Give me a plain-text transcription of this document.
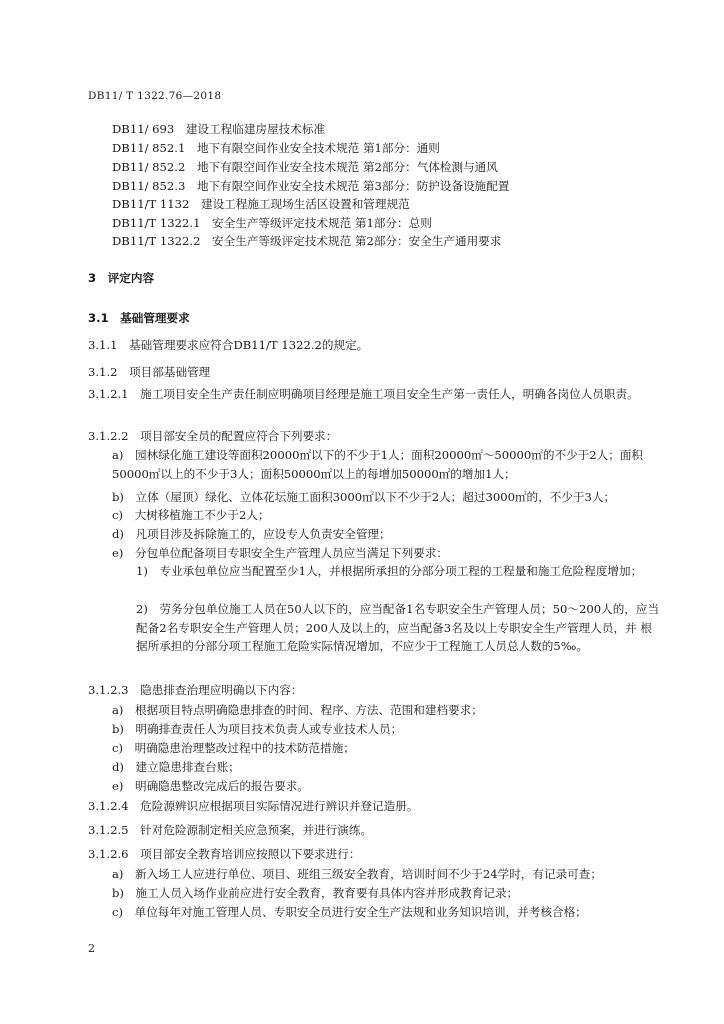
DB11/ T 1322.76—2018
DB11/ 693　建设工程临建房屋技术标准
DB11/ 852.1　地下有限空间作业安全技术规范 第1部分：通则
DB11/ 852.2　地下有限空间作业安全技术规范 第2部分：气体检测与通风
DB11/ 852.3　地下有限空间作业安全技术规范 第3部分：防护设备设施配置
DB11/T 1132　建设工程施工现场生活区设置和管理规范
DB11/T 1322.1　安全生产等级评定技术规范 第1部分：总则
DB11/T 1322.2　安全生产等级评定技术规范 第2部分：安全生产通用要求
3　评定内容
3.1　基础管理要求
3.1.1　基础管理要求应符合DB11/T 1322.2的规定。
3.1.2　项目部基础管理
3.1.2.1　施工项目安全生产责任制应明确项目经理是施工项目安全生产第一责任人，明确各岗位人员职责。
3.1.2.2　项目部安全员的配置应符合下列要求：
a)　园林绿化施工建设等面积20000㎡以下的不少于1人；面积20000㎡～50000㎡的不少于2人；面积50000㎡以上的不少于3人；面积50000㎡以上的每增加50000㎡的增加1人；
b)　立体（屋顶）绿化、立体花坛施工面积3000㎡以下不少于2人；超过3000㎡的，不少于3人；
c)　大树移植施工不少于2人；
d)　凡项目涉及拆除施工的，应设专人负责安全管理；
e)　分包单位配备项目专职安全生产管理人员应当满足下列要求：
1)　专业承包单位应当配置至少1人，并根据所承担的分部分项工程的工程量和施工危险程度增加；
2)　劳务分包单位施工人员在50人以下的，应当配备1名专职安全生产管理人员；50～200人的，应当配备2名专职安全生产管理人员；200人及以上的，应当配备3名及以上专职安全生产管理人员，并 根据所承担的分部分项工程施工危险实际情况增加，不应少于工程施工人员总人数的5‰。
3.1.2.3　隐患排查治理应明确以下内容：
a)　根据项目特点明确隐患排查的时间、程序、方法、范围和建档要求；
b)　明确排查责任人为项目技术负责人或专业技术人员；
c)　明确隐患治理整改过程中的技术防范措施；
d)　建立隐患排查台账；
e)　明确隐患整改完成后的报告要求。
3.1.2.4　危险源辨识应根据项目实际情况进行辨识并登记造册。
3.1.2.5　针对危险源制定相关应急预案，并进行演练。
3.1.2.6　项目部安全教育培训应按照以下要求进行：
a)　新入场工人应进行单位、项目、班组三级安全教育，培训时间不少于24学时，有记录可查；
b)　施工人员入场作业前应进行安全教育，教育要有具体内容并形成教育记录；
c)　单位每年对施工管理人员、专职安全员进行安全生产法规和业务知识培训，并考核合格；
2
